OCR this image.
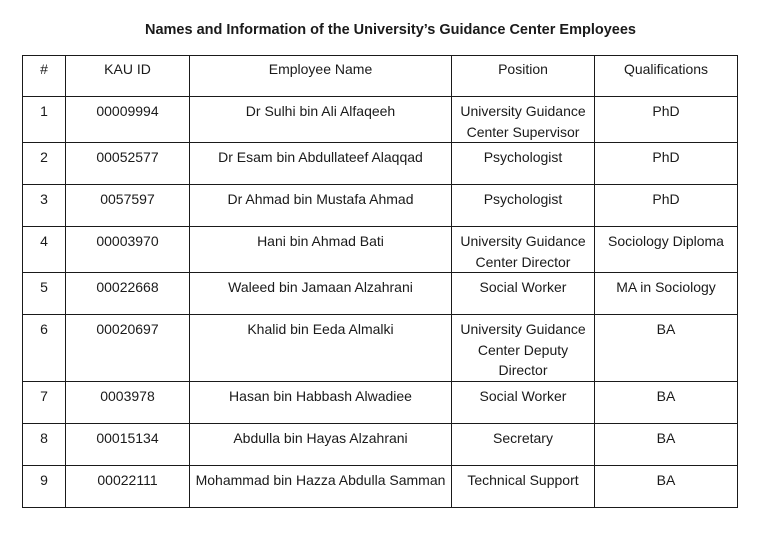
Names and Information of the University’s Guidance Center Employees
#	KAU ID	Employee Name	Position	Qualifications
1	00009994	Dr Sulhi bin Ali Alfaqeeh	University Guidance Center Supervisor	PhD
2	00052577	Dr Esam bin Abdullateef Alaqqad	Psychologist	PhD
3	0057597	Dr Ahmad bin Mustafa Ahmad	Psychologist	PhD
4	00003970	Hani bin Ahmad Bati	University Guidance Center Director	Sociology Diploma
5	00022668	Waleed bin Jamaan Alzahrani	Social Worker	MA in Sociology
6	00020697	Khalid bin Eeda Almalki	University Guidance Center Deputy Director	BA
7	0003978	Hasan bin Habbash Alwadiee	Social Worker	BA
8	00015134	Abdulla bin Hayas Alzahrani	Secretary	BA
9	00022111	Mohammad bin Hazza Abdulla Samman	Technical Support	BA
